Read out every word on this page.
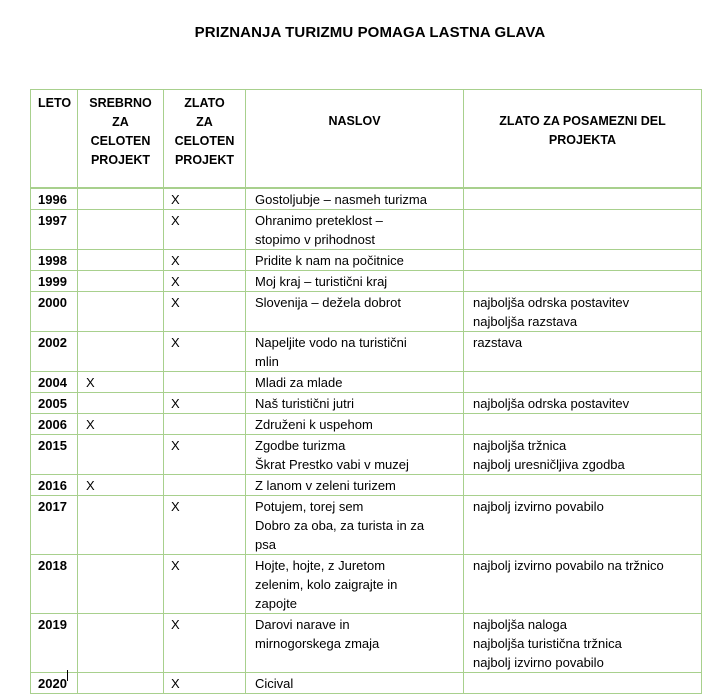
PRIZNANJA TURIZMU POMAGA LASTNA GLAVA
LETO	SREBRNO
ZA
CELOTEN
PROJEKT	ZLATO
ZA
CELOTEN
PROJEKT	NASLOV	ZLATO ZA POSAMEZNI DEL
PROJEKTA

1996		X	Gostoljubje – nasmeh turizma	

1997		X	Ohranimo preteklost –
stopimo v prihodnost	

1998		X	Pridite k nam na počitnice	

1999		X	Moj kraj – turistični kraj	

2000		X	Slovenija – dežela dobrot	najboljša odrska postavitev
najboljša razstava

2002		X	Napeljite vodo na turistični
mlin	razstava

2004	X		Mladi za mlade	

2005		X	Naš turistični jutri	najboljša odrska postavitev

2006	X		Združeni k uspehom	

2015		X	Zgodbe turizma
Škrat Prestko vabi v muzej	najboljša tržnica
najbolj uresničljiva zgodba

2016	X		Z lanom v zeleni turizem	

2017		X	Potujem, torej sem
Dobro za oba, za turista in za
psa	najbolj izvirno povabilo

2018		X	Hojte, hojte, z Juretom
zelenim, kolo zaigrajte in
zapojte	najbolj izvirno povabilo na tržnico

2019		X	Darovi narave in
mirnogorskega zmaja	najboljša naloga
najboljša turistična tržnica
najbolj izvirno povabilo

2020		X	Cicival	
